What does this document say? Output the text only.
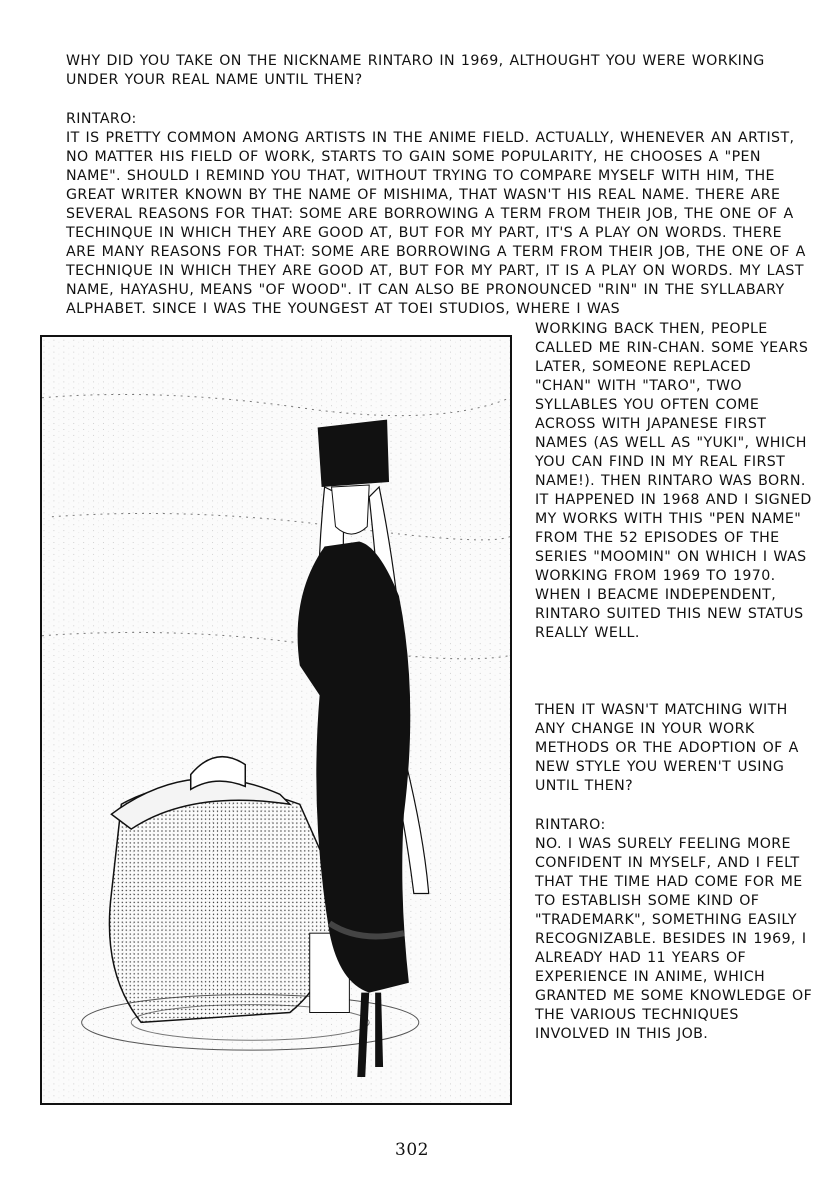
WHY DID YOU TAKE ON THE NICKNAME RINTARO IN 1969, ALTHOUGHT YOU WERE WORKING UNDER YOUR REAL NAME UNTIL THEN?

RINTARO:

IT IS PRETTY COMMON AMONG ARTISTS IN THE ANIME FIELD. ACTUALLY, WHENEVER AN ARTIST, NO MATTER HIS FIELD OF WORK, STARTS TO GAIN SOME POPULARITY, HE CHOOSES A "PEN NAME". SHOULD I REMIND YOU THAT, WITHOUT TRYING TO COMPARE MYSELF WITH HIM, THE GREAT WRITER KNOWN BY THE NAME OF MISHIMA, THAT WASN'T HIS REAL NAME. THERE ARE SEVERAL REASONS FOR THAT: SOME ARE BORROWING A TERM FROM THEIR JOB, THE ONE OF A TECHINQUE IN WHICH THEY ARE GOOD AT, BUT FOR MY PART, IT'S A PLAY ON WORDS. THERE ARE MANY REASONS FOR THAT: SOME ARE BORROWING A TERM FROM THEIR JOB, THE ONE OF A TECHNIQUE IN WHICH THEY ARE GOOD AT, BUT FOR MY PART, IT IS A PLAY ON WORDS. MY LAST NAME, HAYASHU, MEANS "OF WOOD". IT CAN ALSO BE PRONOUNCED "RIN" IN THE SYLLABARY ALPHABET. SINCE I WAS THE YOUNGEST AT TOEI STUDIOS, WHERE I WAS

WORKING BACK THEN, PEOPLE CALLED ME RIN-CHAN. SOME YEARS LATER, SOMEONE REPLACED "CHAN" WITH "TARO", TWO SYLLABLES YOU OFTEN COME ACROSS WITH JAPANESE FIRST NAMES (AS WELL AS "YUKI", WHICH YOU CAN FIND IN MY REAL FIRST NAME!). THEN RINTARO WAS BORN. IT HAPPENED IN 1968 AND I SIGNED MY WORKS WITH THIS "PEN NAME" FROM THE 52 EPISODES OF THE SERIES "MOOMIN" ON WHICH I WAS WORKING FROM 1969 TO 1970. WHEN I BEACME INDEPENDENT, RINTARO SUITED THIS NEW STATUS REALLY WELL.

THEN IT WASN'T MATCHING WITH ANY CHANGE IN YOUR WORK METHODS OR THE ADOPTION OF A NEW STYLE YOU WEREN'T USING UNTIL THEN?

RINTARO:

NO. I WAS SURELY FEELING MORE CONFIDENT IN MYSELF, AND I FELT THAT THE TIME HAD COME FOR ME TO ESTABLISH SOME KIND OF "TRADEMARK", SOMETHING EASILY RECOGNIZABLE. BESIDES IN 1969, I ALREADY HAD 11 YEARS OF EXPERIENCE IN ANIME, WHICH GRANTED ME SOME KNOWLEDGE OF THE VARIOUS TECHNIQUES INVOLVED IN THIS JOB.

302
